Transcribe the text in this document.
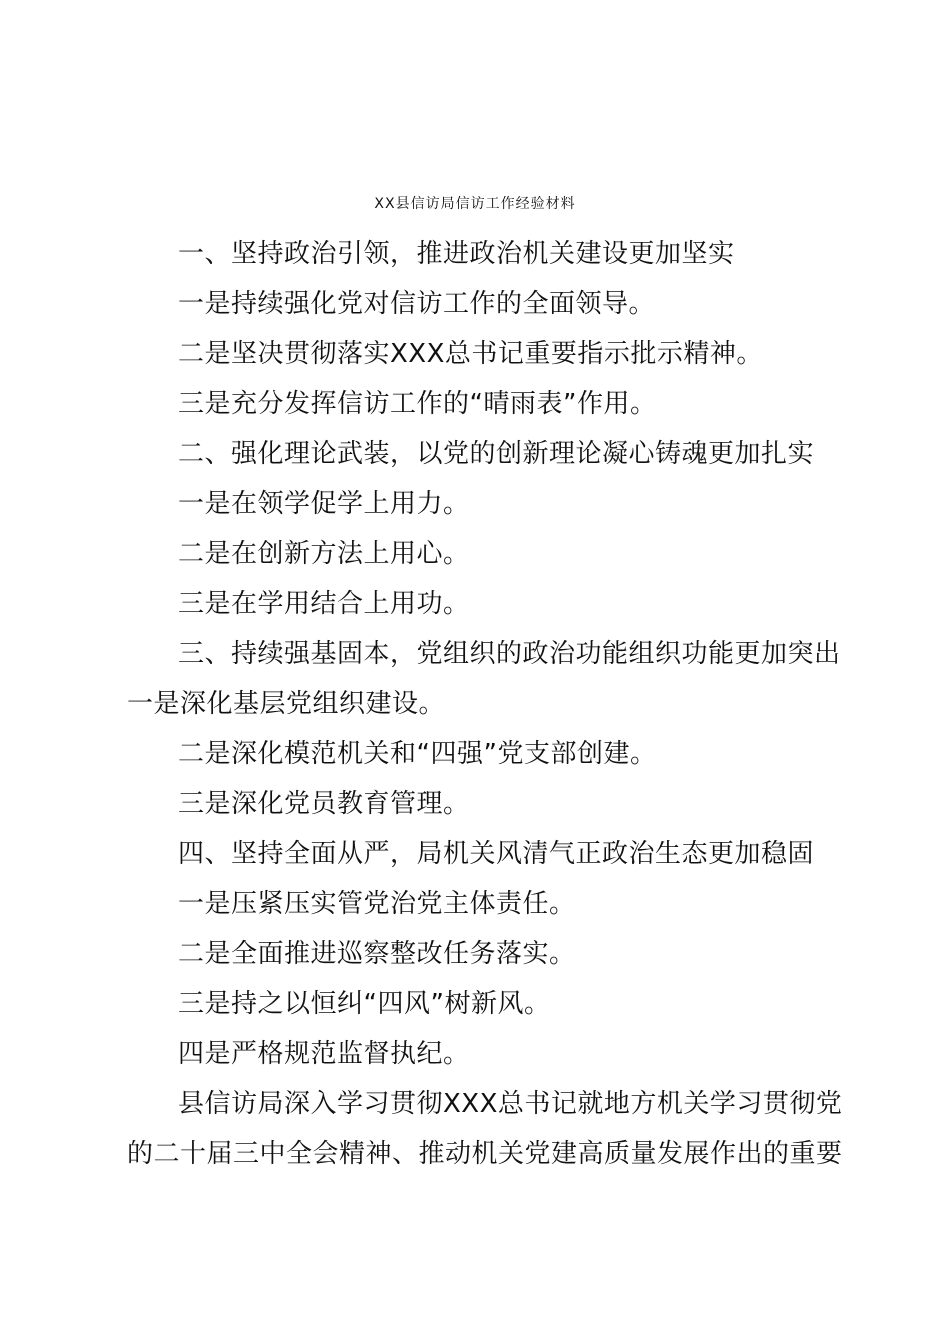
XX县信访局信访工作经验材料
一、坚持政治引领，推进政治机关建设更加坚实
一是持续强化党对信访工作的全面领导。
二是坚决贯彻落实XXX总书记重要指示批示精神。
三是充分发挥信访工作的“晴雨表”作用。
二、强化理论武装，以党的创新理论凝心铸魂更加扎实
一是在领学促学上用力。
二是在创新方法上用心。
三是在学用结合上用功。
三、持续强基固本，党组织的政治功能组织功能更加突出
一是深化基层党组织建设。
二是深化模范机关和“四强”党支部创建。
三是深化党员教育管理。
四、坚持全面从严，局机关风清气正政治生态更加稳固
一是压紧压实管党治党主体责任。
二是全面推进巡察整改任务落实。
三是持之以恒纠“四风”树新风。
四是严格规范监督执纪。
县信访局深入学习贯彻XXX总书记就地方机关学习贯彻党
的二十届三中全会精神、推动机关党建高质量发展作出的重要
